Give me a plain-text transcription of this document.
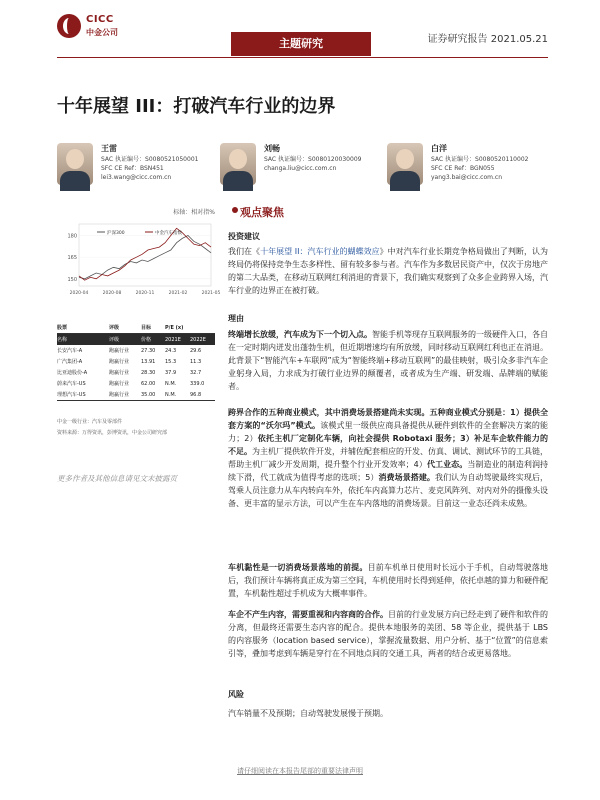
CICC
中金公司
主题研究	证券研究报告 2021.05.21
十年展望 III：打破汽车行业的边界
王雷
SAC 执证编号：S0080521050001
SFC CE Ref：BSN451
lei3.wang@cicc.com.cn
刘畅
SAC 执证编号：S0080120030009
changa.liu@cicc.com.cn
白洋
SAC 执证编号：S0080520110002
SFC CE Ref：BGN055
yang3.bai@cicc.com.cn
标轴：相对指%
180
165
150
2020-04	2020-08	2020-11	2021-02	2021-05
沪深300	中金汽车指数
股票	评级	目标	P/E (x)	
名称	评级	价格	2021E	2022E
长安汽车-A	跑赢行业	27.30	24.3	29.6
广汽集团-A	跑赢行业	13.91	15.3	11.3
比亚迪股份-A	跑赢行业	28.30	37.9	32.7
蔚来汽车-US	跑赢行业	62.00	N.M.	339.0
理想汽车-US	跑赢行业	35.00	N.M.	96.8
中金一级行业：汽车及零部件
资料来源：万得资讯，彭博资讯，中金公司研究部
更多作者及其他信息请见文末披露页
观点聚焦
投资建议
我们在《十年展望 II：汽车行业的蝴蝶效应》中对汽车行业长期竞争格局做出了判断，认为终局仍将保持竞争生态多样性、留有较多参与者。汽车作为多数居民资产中，仅次于房地产的第二大品类，在移动互联网红利消退的背景下，我们确实观察到了众多企业跨界入场，汽车行业的边界正在被打破。
理由
终端增长放缓，汽车成为下一个切入点。智能手机等现存互联网服务的一级硬件入口，各自在一定时期内迸发出蓬勃生机，但近期增速均有所放缓，同时移动互联网红利也正在消退。此背景下“智能汽车+车联网”成为“智能终端+移动互联网”的最佳映射，吸引众多非汽车企业躬身入局，力求成为打破行业边界的颠覆者，或者成为生产端、研发端、品牌端的赋能者。
跨界合作的五种商业模式，其中消费场景搭建尚未实现。五种商业模式分别是：1）提供全套方案的“沃尔玛”模式。该模式里一级供应商具备提供从硬件到软件的全套解决方案的能力；2）依托主机厂定制化车辆，向社会提供 Robotaxi 服务；3）补足车企软件能力的不足。为主机厂提供软件开发，并辅佐配套相应的开发、仿真、调试、测试环节的工具链，帮助主机厂减少开发周期，提升整个行业开发效率；4）代工业态。当制造业的制造利润持续下滑，代工就成为值得考虑的选项；5）消费场景搭建。我们认为自动驾驶最终实现后，驾乘人员注意力从车内转向车外，依托车内高算力芯片、麦克风阵列、对内对外的摄像头设备、更丰富的显示方法，可以产生在车内落地的消费场景。目前这一业态还尚未成熟。
车机黏性是一切消费场景落地的前提。目前车机单日使用时长远小于手机，自动驾驶落地后，我们预计车辆将真正成为第三空间，车机使用时长得到延伸，依托卓越的算力和硬件配置，车机黏性超过手机成为大概率事件。
车企不产生内容，需要重视和内容商的合作。目前的行业发展方向已经走到了硬件和软件的分离，但最终还需要生态内容的配合。提供本地服务的美团、58 等企业，提供基于 LBS 的内容服务（location based service），掌握流量数据、用户分析、基于“位置”的信息索引等，叠加考虑到车辆是穿行在不同地点间的交通工具，两者的结合或更易落地。
风险
汽车销量不及预期；自动驾驶发展慢于预期。
请仔细阅读在本报告尾部的重要法律声明
